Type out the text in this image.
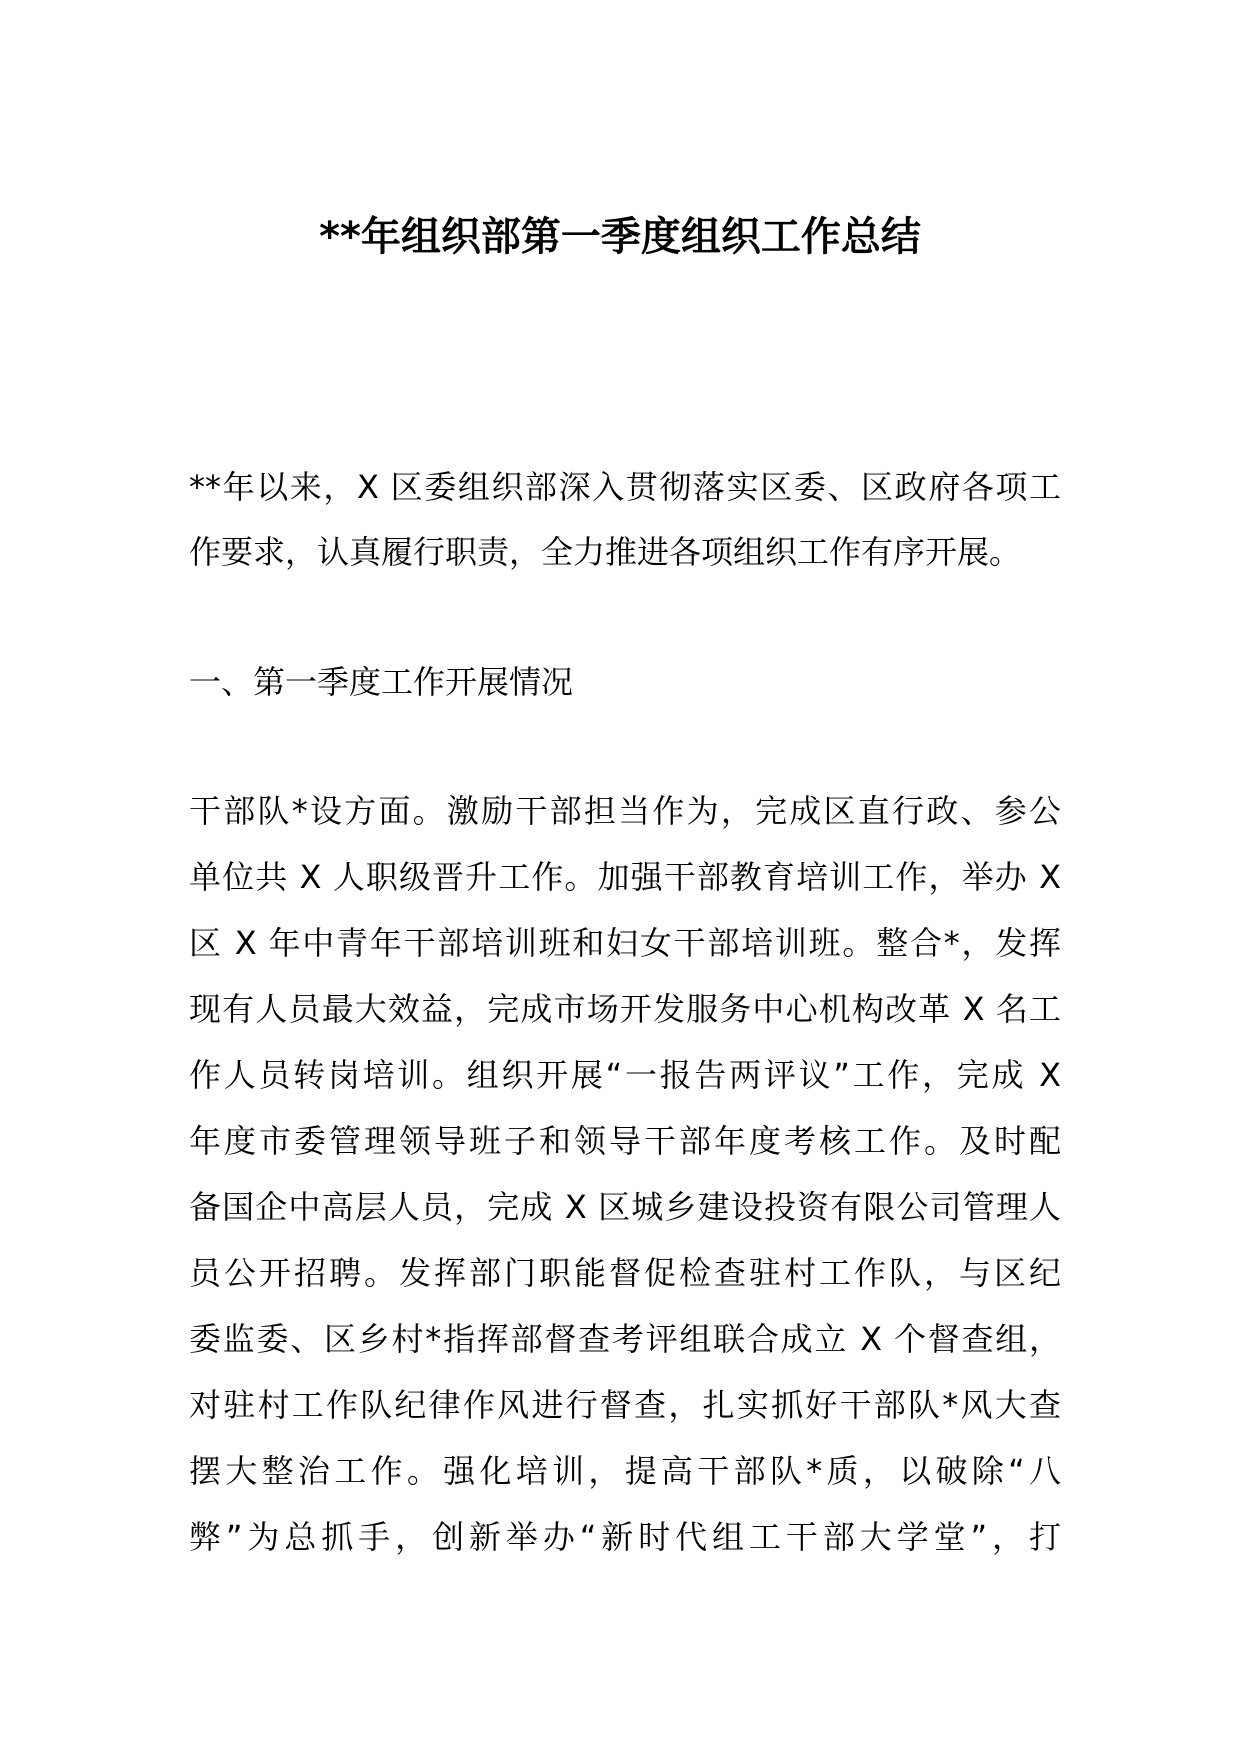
**年组织部第一季度组织工作总结
**年以来，X 区委组织部深入贯彻落实区委、区政府各项工
作要求，认真履行职责，全力推进各项组织工作有序开展。
一、第一季度工作开展情况
干部队*设方面。激励干部担当作为，完成区直行政、参公
单位共 X 人职级晋升工作。加强干部教育培训工作，举办 X
区 X 年中青年干部培训班和妇女干部培训班。整合*，发挥
现有人员最大效益，完成市场开发服务中心机构改革 X 名工
作人员转岗培训。组织开展“一报告两评议”工作，完成 X
年度市委管理领导班子和领导干部年度考核工作。及时配
备国企中高层人员，完成 X 区城乡建设投资有限公司管理人
员公开招聘。发挥部门职能督促检查驻村工作队，与区纪
委监委、区乡村*指挥部督查考评组联合成立 X 个督查组，
对驻村工作队纪律作风进行督查，扎实抓好干部队*风大查
摆大整治工作。强化培训，提高干部队*质，以破除“八
弊”为总抓手，创新举办“新时代组工干部大学堂”，打
